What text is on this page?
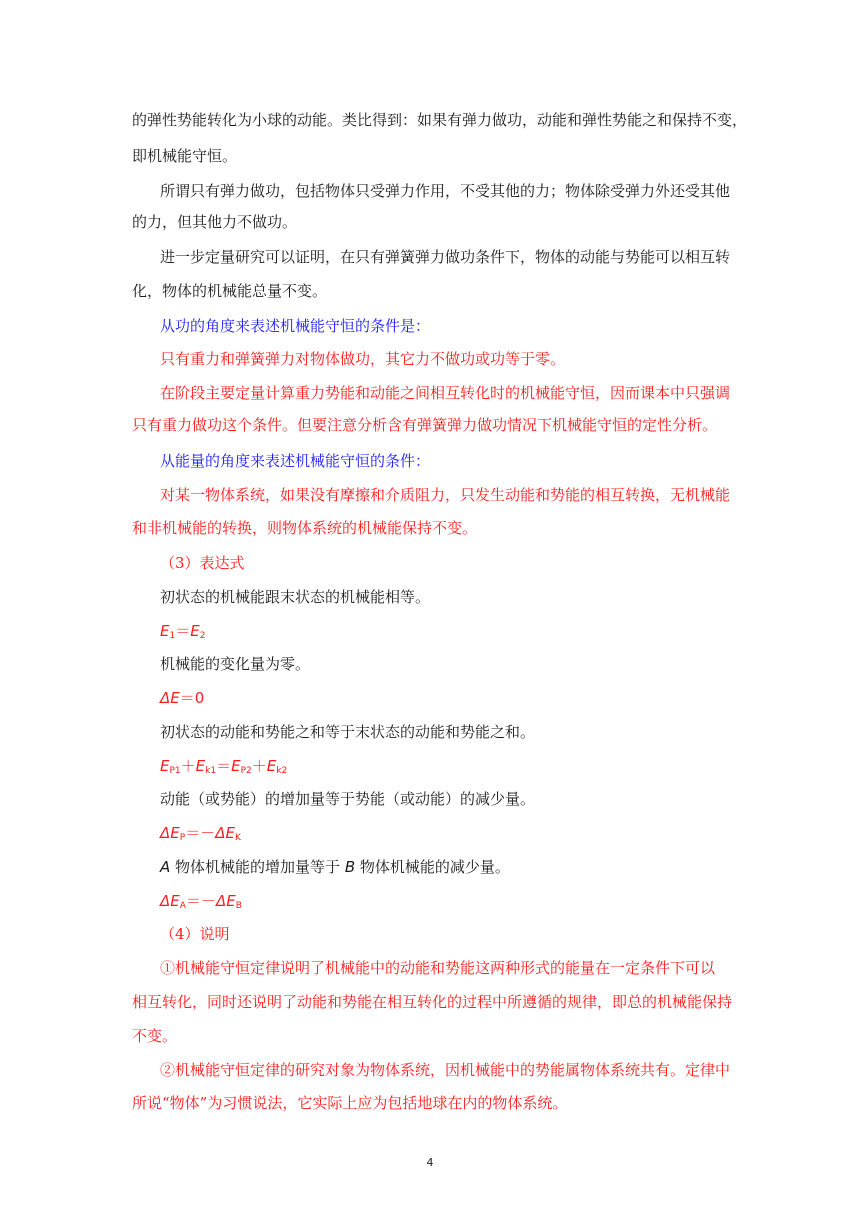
的弹性势能转化为小球的动能。类比得到：如果有弹力做功，动能和弹性势能之和保持不变，
即机械能守恒。
所谓只有弹力做功，包括物体只受弹力作用，不受其他的力；物体除受弹力外还受其他
的力，但其他力不做功。
进一步定量研究可以证明，在只有弹簧弹力做功条件下，物体的动能与势能可以相互转
化，物体的机械能总量不变。
从功的角度来表述机械能守恒的条件是：
只有重力和弹簧弹力对物体做功，其它力不做功或功等于零。
在阶段主要定量计算重力势能和动能之间相互转化时的机械能守恒，因而课本中只强调
只有重力做功这个条件。但要注意分析含有弹簧弹力做功情况下机械能守恒的定性分析。
从能量的角度来表述机械能守恒的条件：
对某一物体系统，如果没有摩擦和介质阻力，只发生动能和势能的相互转换，无机械能
和非机械能的转换，则物体系统的机械能保持不变。
（3）表达式
初状态的机械能跟末状态的机械能相等。
$E_1=E_2$
机械能的变化量为零。
ΔE＝0
初状态的动能和势能之和等于末状态的动能和势能之和。
$E_{P1}+E_{k1}=E_{P2}+E_{k2}$
动能（或势能）的增加量等于势能（或动能）的减少量。
$\Delta E_P=-\Delta E_K$
A 物体机械能的增加量等于 B 物体机械能的减少量。
$\Delta E_A=-\Delta E_B$
（4）说明
①机械能守恒定律说明了机械能中的动能和势能这两种形式的能量在一定条件下可以
相互转化，同时还说明了动能和势能在相互转化的过程中所遵循的规律，即总的机械能保持
不变。
②机械能守恒定律的研究对象为物体系统，因机械能中的势能属物体系统共有。定律中
所说“物体”为习惯说法，它实际上应为包括地球在内的物体系统。
4
